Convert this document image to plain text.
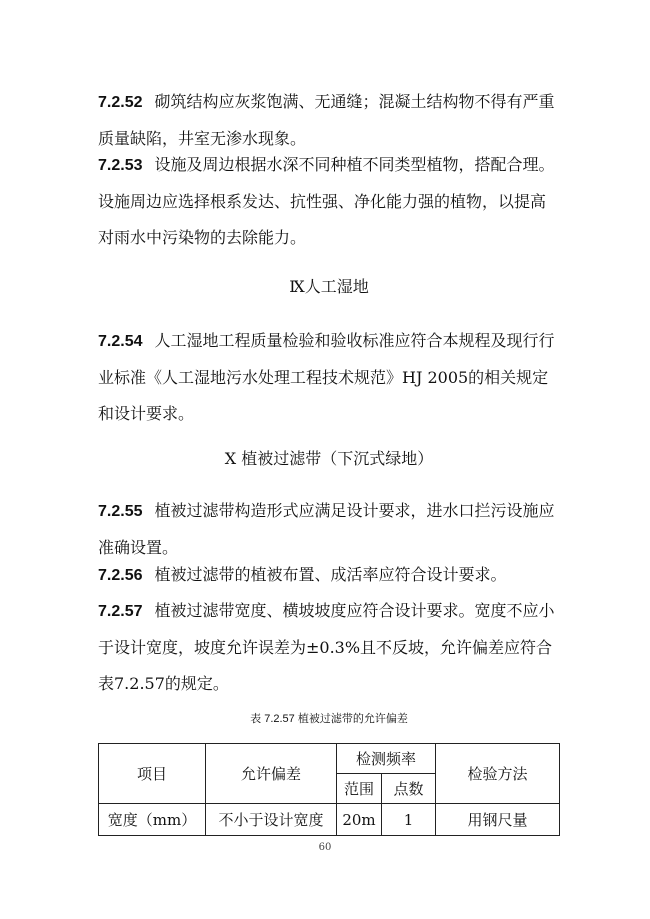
7.2.52 砌筑结构应灰浆饱满、无通缝；混凝土结构物不得有严重质量缺陷，井室无渗水现象。

7.2.53 设施及周边根据水深不同种植不同类型植物，搭配合理。设施周边应选择根系发达、抗性强、净化能力强的植物，以提高对雨水中污染物的去除能力。

Ⅸ人工湿地

7.2.54 人工湿地工程质量检验和验收标准应符合本规程及现行行业标准《人工湿地污水处理工程技术规范》HJ 2005的相关规定和设计要求。

Ⅹ 植被过滤带（下沉式绿地）

7.2.55 植被过滤带构造形式应满足设计要求，进水口拦污设施应准确设置。

7.2.56 植被过滤带的植被布置、成活率应符合设计要求。

7.2.57 植被过滤带宽度、横坡坡度应符合设计要求。宽度不应小于设计宽度，坡度允许误差为±0.3%且不反坡，允许偏差应符合表7.2.57的规定。

表 7.2.57 植被过滤带的允许偏差

项目	允许偏差	检测频率		检验方法
		范围	点数	
宽度（mm）	不小于设计宽度	20m	1	用钢尺量
60
